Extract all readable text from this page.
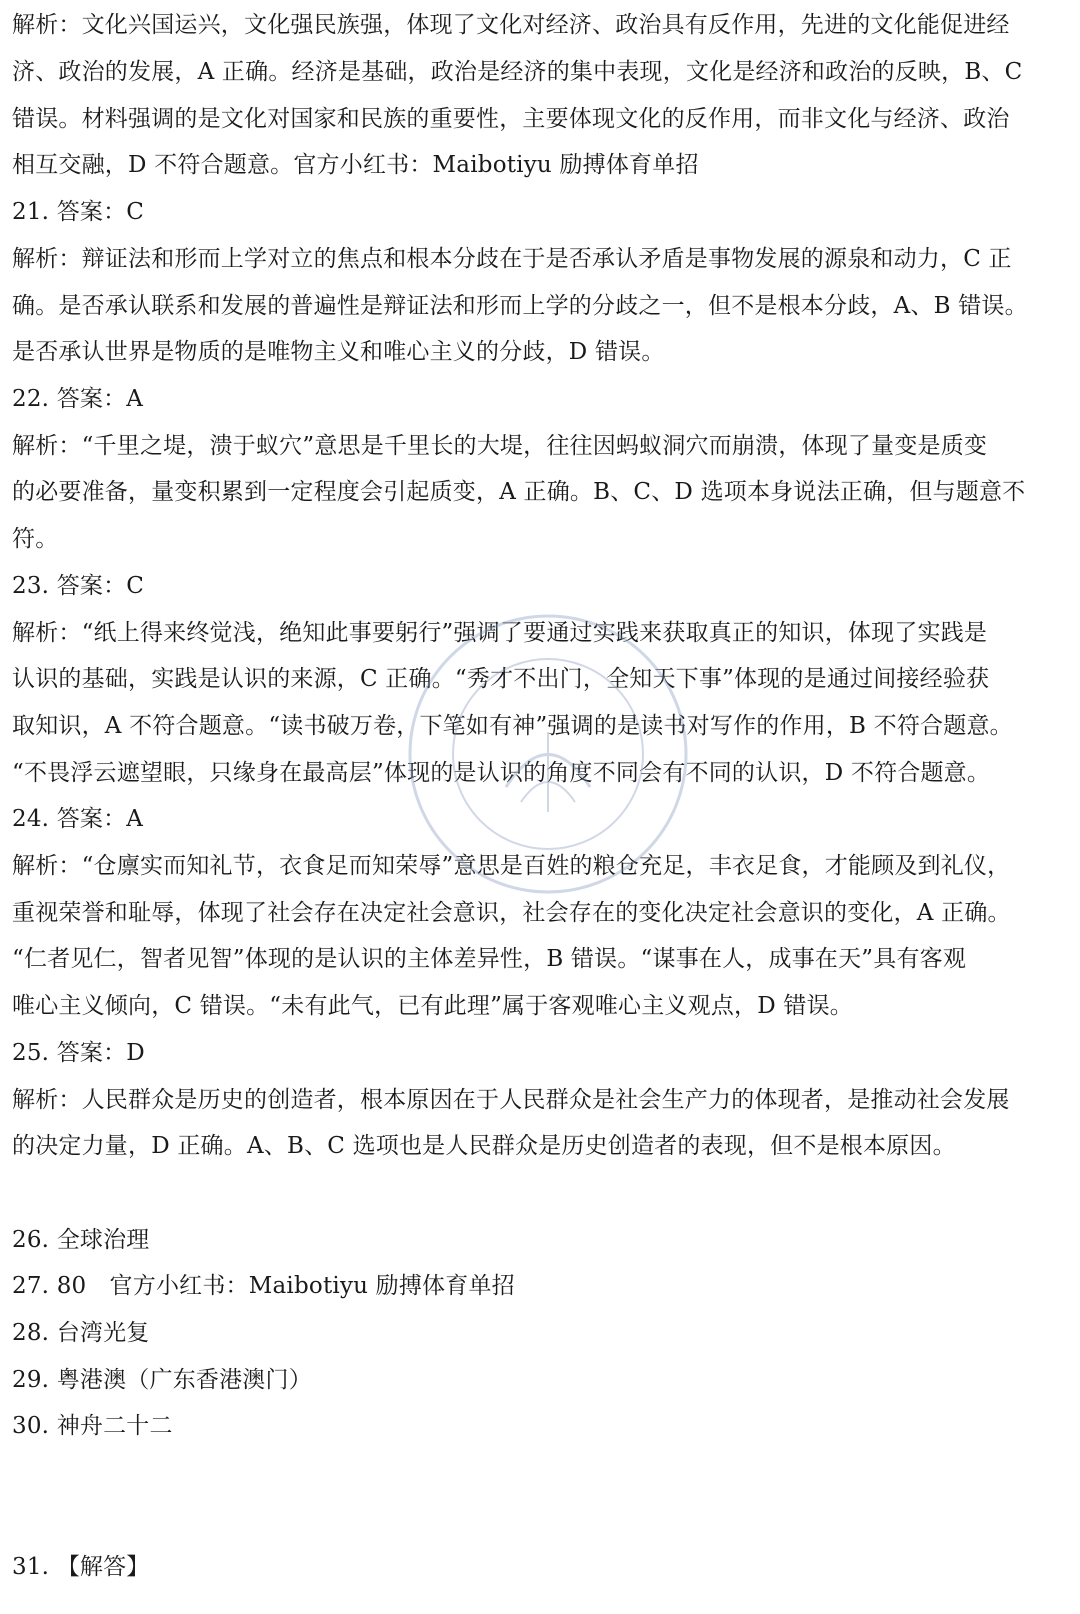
解析：文化兴国运兴，文化强民族强，体现了文化对经济、政治具有反作用，先进的文化能促进经
济、政治的发展，A 正确。经济是基础，政治是经济的集中表现，文化是经济和政治的反映，B、C
错误。材料强调的是文化对国家和民族的重要性，主要体现文化的反作用，而非文化与经济、政治
相互交融，D 不符合题意。官方小红书：Maibotiyu 励搏体育单招
21. 答案：C
解析：辩证法和形而上学对立的焦点和根本分歧在于是否承认矛盾是事物发展的源泉和动力，C 正
确。是否承认联系和发展的普遍性是辩证法和形而上学的分歧之一，但不是根本分歧，A、B 错误。
是否承认世界是物质的是唯物主义和唯心主义的分歧，D 错误。
22. 答案：A
解析：“千里之堤，溃于蚁穴”意思是千里长的大堤，往往因蚂蚁洞穴而崩溃，体现了量变是质变
的必要准备，量变积累到一定程度会引起质变，A 正确。B、C、D 选项本身说法正确，但与题意不
符。
23. 答案：C
解析：“纸上得来终觉浅，绝知此事要躬行”强调了要通过实践来获取真正的知识，体现了实践是
认识的基础，实践是认识的来源，C 正确。“秀才不出门，全知天下事”体现的是通过间接经验获
取知识，A 不符合题意。“读书破万卷，下笔如有神”强调的是读书对写作的作用，B 不符合题意。
“不畏浮云遮望眼，只缘身在最高层”体现的是认识的角度不同会有不同的认识，D 不符合题意。
24. 答案：A
解析：“仓廪实而知礼节，衣食足而知荣辱”意思是百姓的粮仓充足，丰衣足食，才能顾及到礼仪，
重视荣誉和耻辱，体现了社会存在决定社会意识，社会存在的变化决定社会意识的变化，A 正确。
“仁者见仁，智者见智”体现的是认识的主体差异性，B 错误。“谋事在人，成事在天”具有客观
唯心主义倾向，C 错误。“未有此气，已有此理”属于客观唯心主义观点，D 错误。
25. 答案：D
解析：人民群众是历史的创造者，根本原因在于人民群众是社会生产力的体现者，是推动社会发展
的决定力量，D 正确。A、B、C 选项也是人民群众是历史创造者的表现，但不是根本原因。
26. 全球治理
27. 80　官方小红书：Maibotiyu 励搏体育单招
28. 台湾光复
29. 粤港澳（广东香港澳门）
30. 神舟二十二
31. 【解答】
